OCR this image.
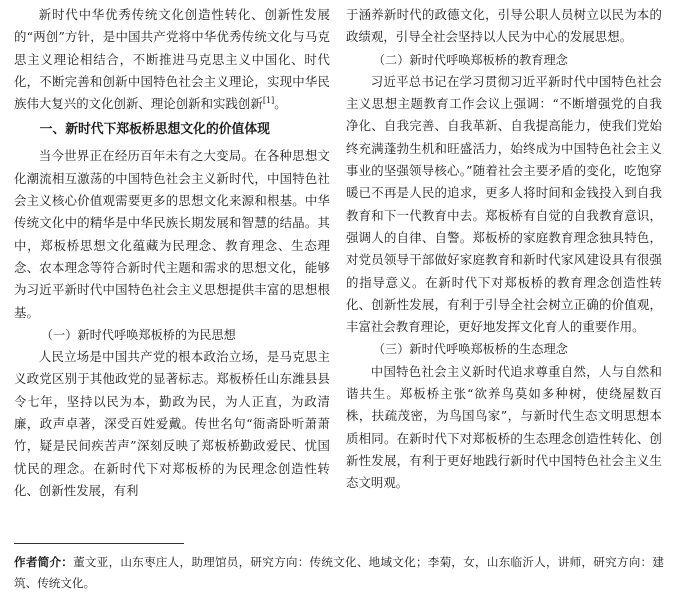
新时代中华优秀传统文化创造性转化、创新性发展的“两创”方针，是中国共产党将中华优秀传统文化与马克思主义理论相结合，不断推进马克思主义中国化、时代化，不断完善和创新中国特色社会主义理论，实现中华民族伟大复兴的文化创新、理论创新和实践创新[1]。

一、新时代下郑板桥思想文化的价值体现

当今世界正在经历百年未有之大变局。在各种思想文化潮流相互激荡的中国特色社会主义新时代，中国特色社会主义核心价值观需要更多的思想文化来源和根基。中华传统文化中的精华是中华民族长期发展和智慧的结晶。其中，郑板桥思想文化蕴藏为民理念、教育理念、生态理念、农本理念等符合新时代主题和需求的思想文化，能够为习近平新时代中国特色社会主义思想提供丰富的思想根基。

（一）新时代呼唤郑板桥的为民思想

人民立场是中国共产党的根本政治立场，是马克思主义政党区别于其他政党的显著标志。郑板桥任山东潍县县令七年，坚持以民为本，勤政为民，为人正直，为政清廉，政声卓著，深受百姓爱戴。传世名句“衙斋卧听萧萧竹，疑是民间疾苦声”深刻反映了郑板桥勤政爱民、忧国忧民的理念。在新时代下对郑板桥的为民理念创造性转化、创新性发展，有利

于涵养新时代的政德文化，引导公职人员树立以民为本的政绩观，引导全社会坚持以人民为中心的发展思想。

（二）新时代呼唤郑板桥的教育理念

习近平总书记在学习贯彻习近平新时代中国特色社会主义思想主题教育工作会议上强调：“不断增强党的自我净化、自我完善、自我革新、自我提高能力，使我们党始终充满蓬勃生机和旺盛活力，始终成为中国特色社会主义事业的坚强领导核心。”随着社会主要矛盾的变化，吃饱穿暖已不再是人民的追求，更多人将时间和金钱投入到自我教育和下一代教育中去。郑板桥有自觉的自我教育意识，强调人的自律、自警。郑板桥的家庭教育理念独具特色，对党员领导干部做好家庭教育和新时代家风建设具有很强的指导意义。在新时代下对郑板桥的教育理念创造性转化、创新性发展，有利于引导全社会树立正确的价值观，丰富社会教育理论，更好地发挥文化育人的重要作用。

（三）新时代呼唤郑板桥的生态理念

中国特色社会主义新时代追求尊重自然，人与自然和谐共生。郑板桥主张“欲养鸟莫如多种树，使绕屋数百株，扶疏茂密，为鸟国鸟家”，与新时代生态文明思想本质相同。在新时代下对郑板桥的生态理念创造性转化、创新性发展，有利于更好地践行新时代中国特色社会主义生态文明观。

作者简介：董文亚，山东枣庄人，助理馆员，研究方向：传统文化、地域文化；李菊，女，山东临沂人，讲师，研究方向：建筑、传统文化。
